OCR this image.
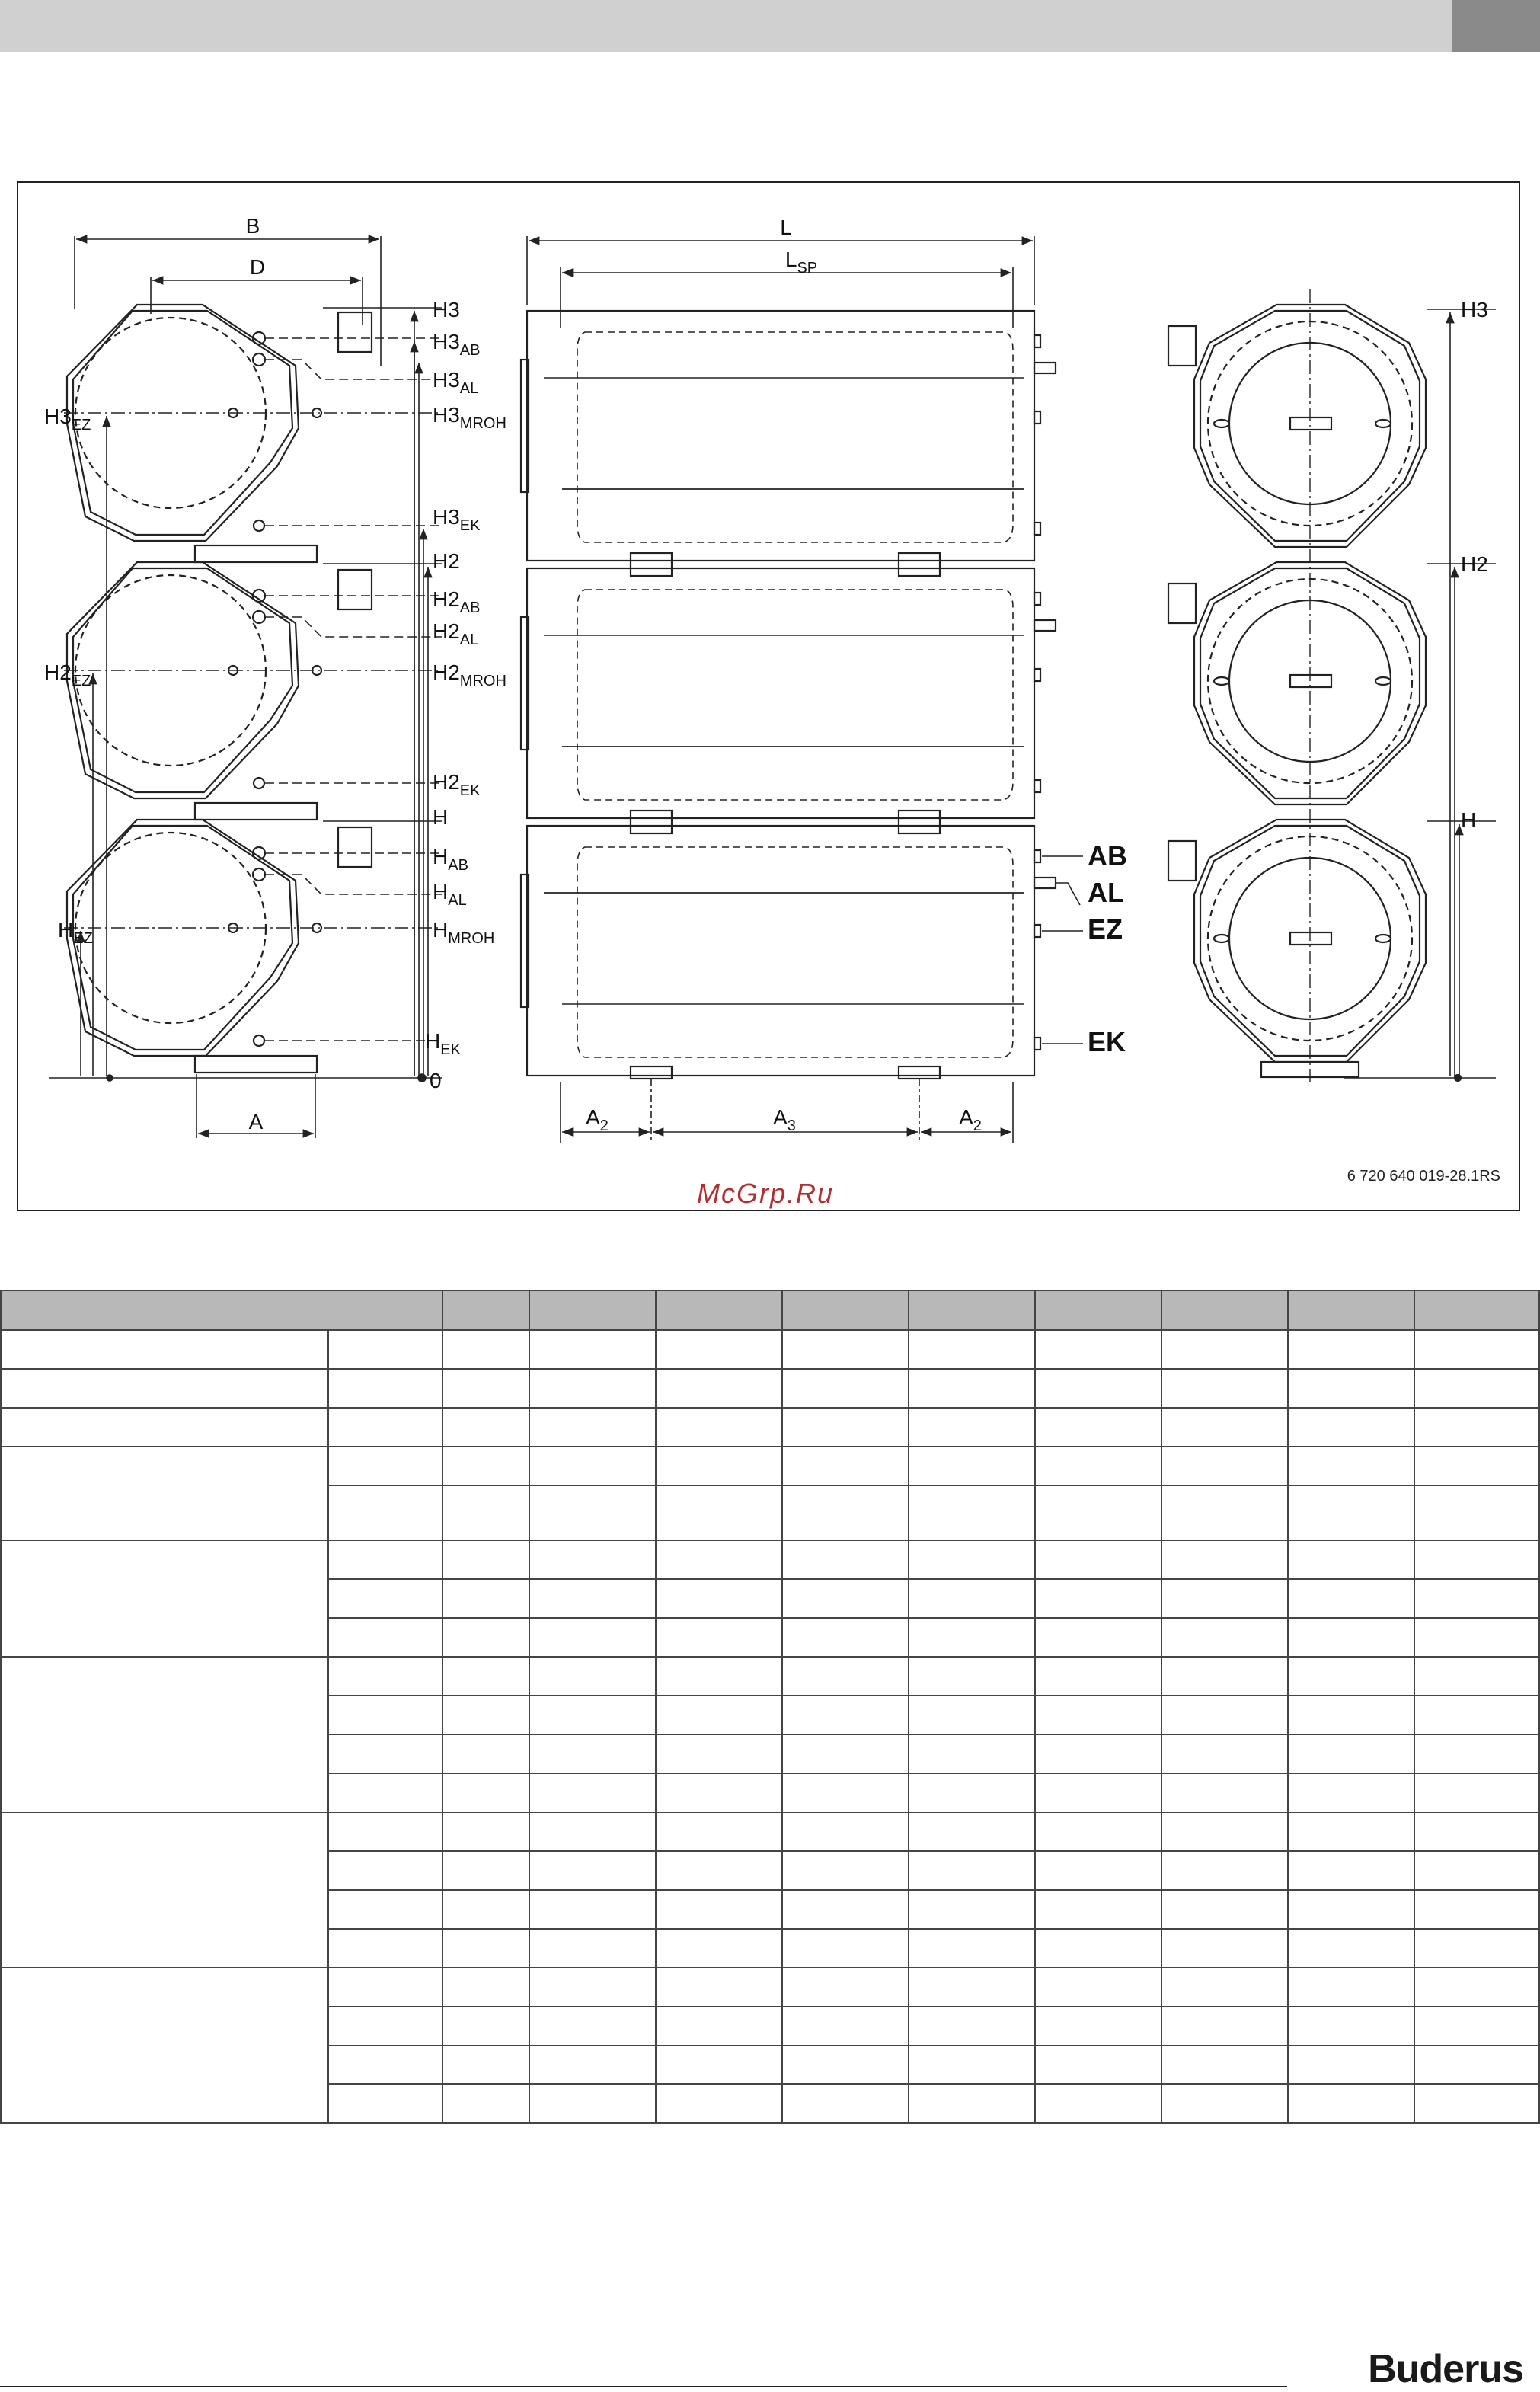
B
D
A
0
$H3_{EZ}$
$H2_{EZ}$
$H_{EZ}$
H3
$H3_{AB}$
$H3_{AL}$
$H3_{MROH}$
$H3_{EK}$
H2
$H2_{AB}$
$H2_{AL}$
$H2_{MROH}$
$H2_{EK}$
H
$H_{AB}$
$H_{AL}$
$H_{MROH}$
$H_{EK}$
L
$L_{SP}$
$A_2$	$A_3$	$A_2$
AB
AL
EZ
EK
H3
H2
H
6 720 640 019-28.1RS
McGrp.Ru

Buderus
